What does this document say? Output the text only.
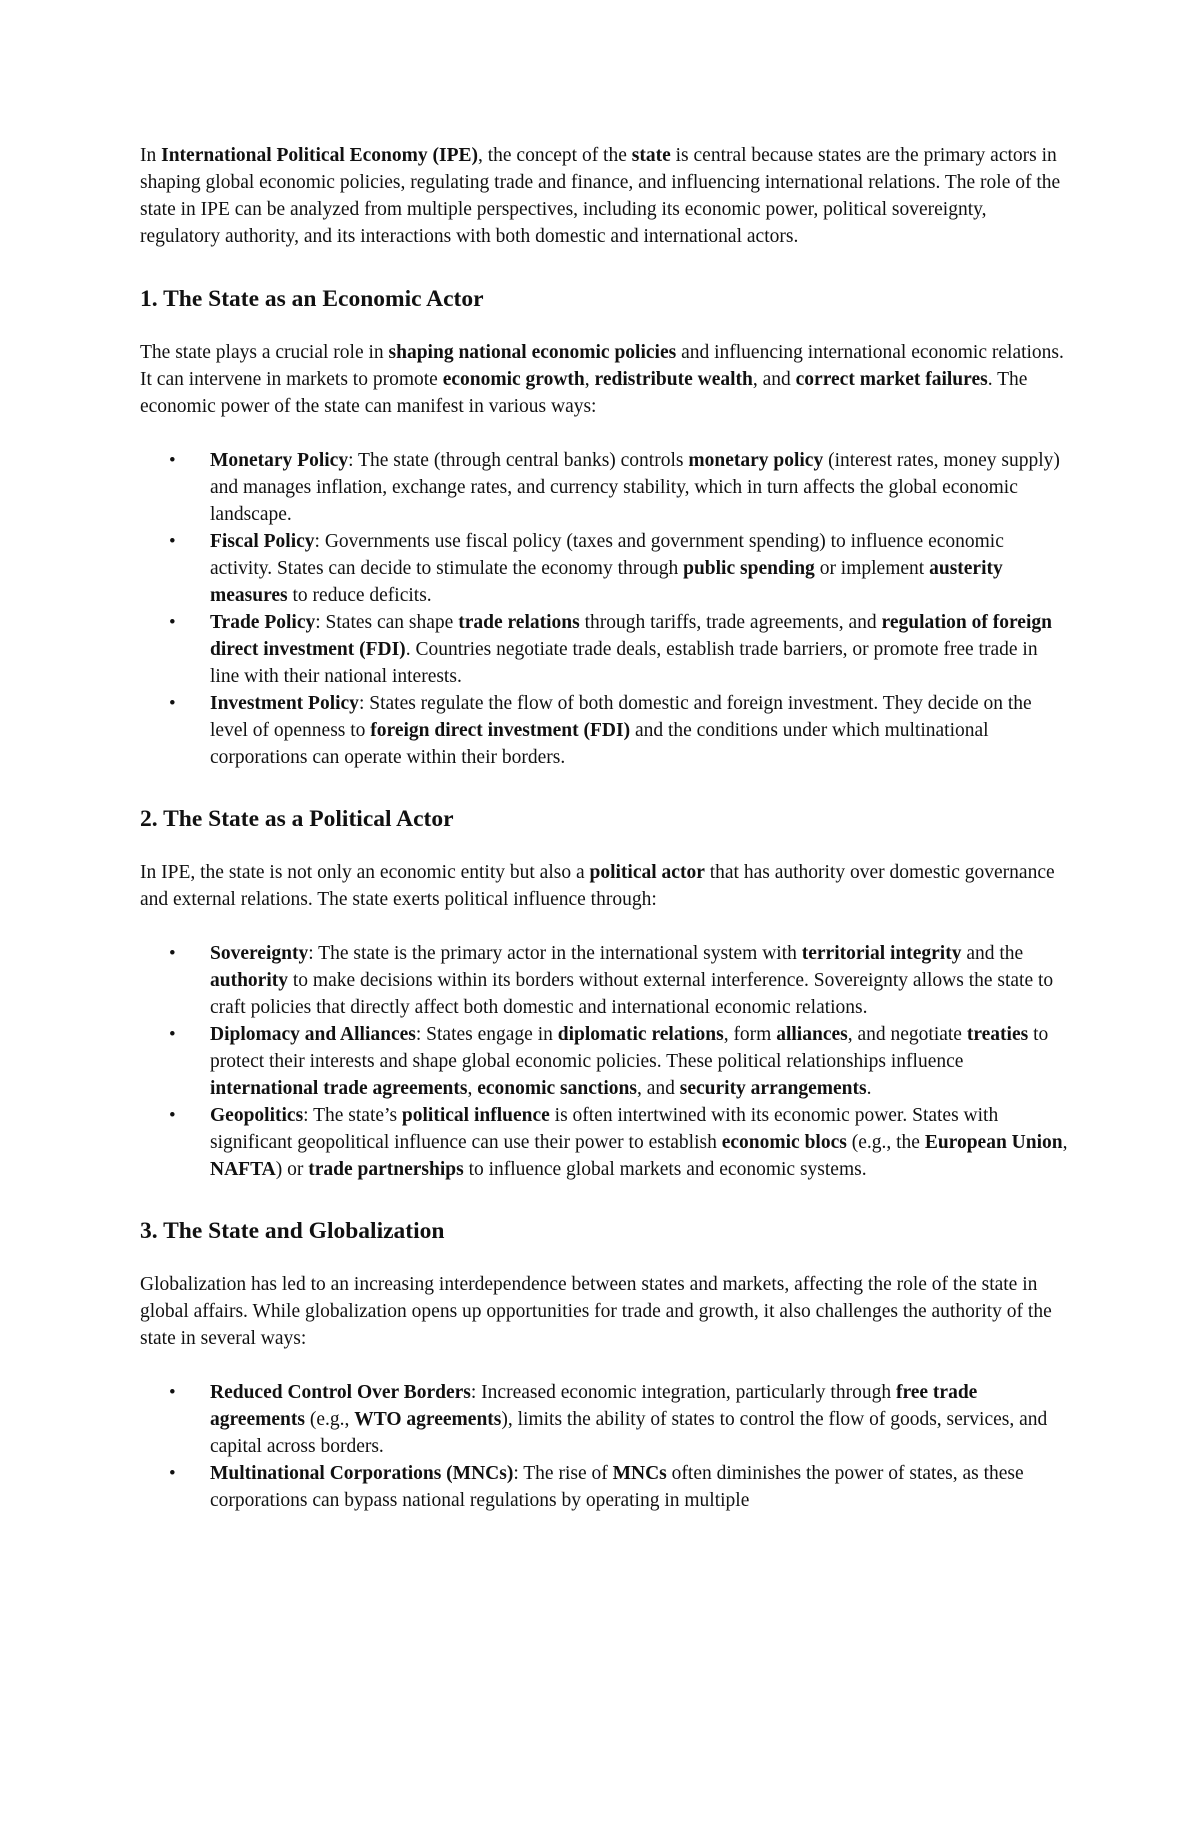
In International Political Economy (IPE), the concept of the state is central because states are the primary actors in shaping global economic policies, regulating trade and finance, and influencing international relations. The role of the state in IPE can be analyzed from multiple perspectives, including its economic power, political sovereignty, regulatory authority, and its interactions with both domestic and international actors.

1. The State as an Economic Actor

The state plays a crucial role in shaping national economic policies and influencing international economic relations. It can intervene in markets to promote economic growth, redistribute wealth, and correct market failures. The economic power of the state can manifest in various ways:

•	Monetary Policy: The state (through central banks) controls monetary policy (interest rates, money supply) and manages inflation, exchange rates, and currency stability, which in turn affects the global economic landscape.
•	Fiscal Policy: Governments use fiscal policy (taxes and government spending) to influence economic activity. States can decide to stimulate the economy through public spending or implement austerity measures to reduce deficits.
•	Trade Policy: States can shape trade relations through tariffs, trade agreements, and regulation of foreign direct investment (FDI). Countries negotiate trade deals, establish trade barriers, or promote free trade in line with their national interests.
•	Investment Policy: States regulate the flow of both domestic and foreign investment. They decide on the level of openness to foreign direct investment (FDI) and the conditions under which multinational corporations can operate within their borders.
2. The State as a Political Actor

In IPE, the state is not only an economic entity but also a political actor that has authority over domestic governance and external relations. The state exerts political influence through:

•	Sovereignty: The state is the primary actor in the international system with territorial integrity and the authority to make decisions within its borders without external interference. Sovereignty allows the state to craft policies that directly affect both domestic and international economic relations.
•	Diplomacy and Alliances: States engage in diplomatic relations, form alliances, and negotiate treaties to protect their interests and shape global economic policies. These political relationships influence international trade agreements, economic sanctions, and security arrangements.
•	Geopolitics: The state’s political influence is often intertwined with its economic power. States with significant geopolitical influence can use their power to establish economic blocs (e.g., the European Union, NAFTA) or trade partnerships to influence global markets and economic systems.
3. The State and Globalization

Globalization has led to an increasing interdependence between states and markets, affecting the role of the state in global affairs. While globalization opens up opportunities for trade and growth, it also challenges the authority of the state in several ways:

•	Reduced Control Over Borders: Increased economic integration, particularly through free trade agreements (e.g., WTO agreements), limits the ability of states to control the flow of goods, services, and capital across borders.
•	Multinational Corporations (MNCs): The rise of MNCs often diminishes the power of states, as these corporations can bypass national regulations by operating in multiple
